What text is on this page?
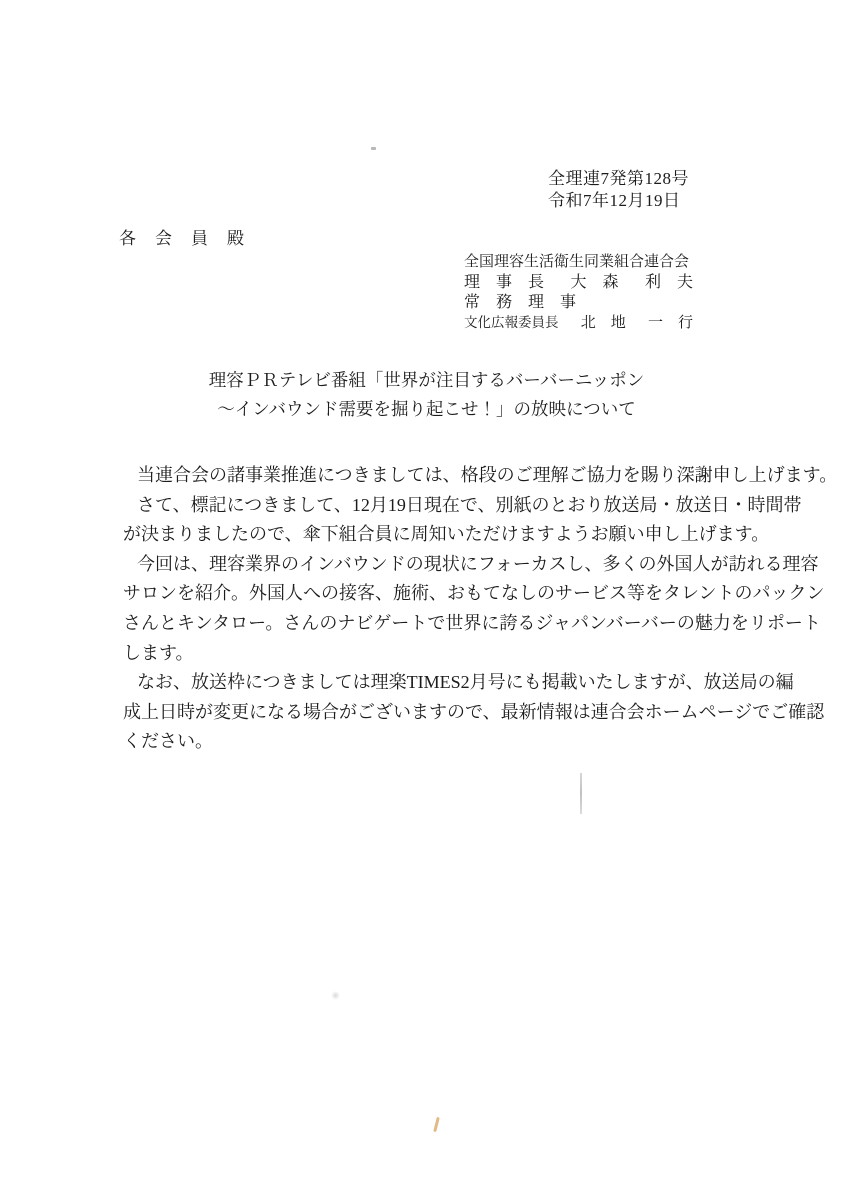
全理連7発第128号
令和7年12月19日
各　会　員　殿
全国理容生活衛生同業組合連合会
理　事　長 大　森 利　夫
常　務　理　事
文化広報委員長 北　地 一　行
理容ＰＲテレビ番組「世界が注目するバーバーニッポン
～インバウンド需要を掘り起こせ！」の放映について
当連合会の諸事業推進につきましては、格段のご理解ご協力を賜り深謝申し上げます。
さて、標記につきまして、12月19日現在で、別紙のとおり放送局・放送日・時間帯
が決まりましたので、傘下組合員に周知いただけますようお願い申し上げます。
今回は、理容業界のインバウンドの現状にフォーカスし、多くの外国人が訪れる理容
サロンを紹介。外国人への接客、施術、おもてなしのサービス等をタレントのパックン
さんとキンタロー。さんのナビゲートで世界に誇るジャパンバーバーの魅力をリポート
します。
なお、放送枠につきましては理楽TIMES2月号にも掲載いたしますが、放送局の編
成上日時が変更になる場合がございますので、最新情報は連合会ホームページでご確認
ください。
